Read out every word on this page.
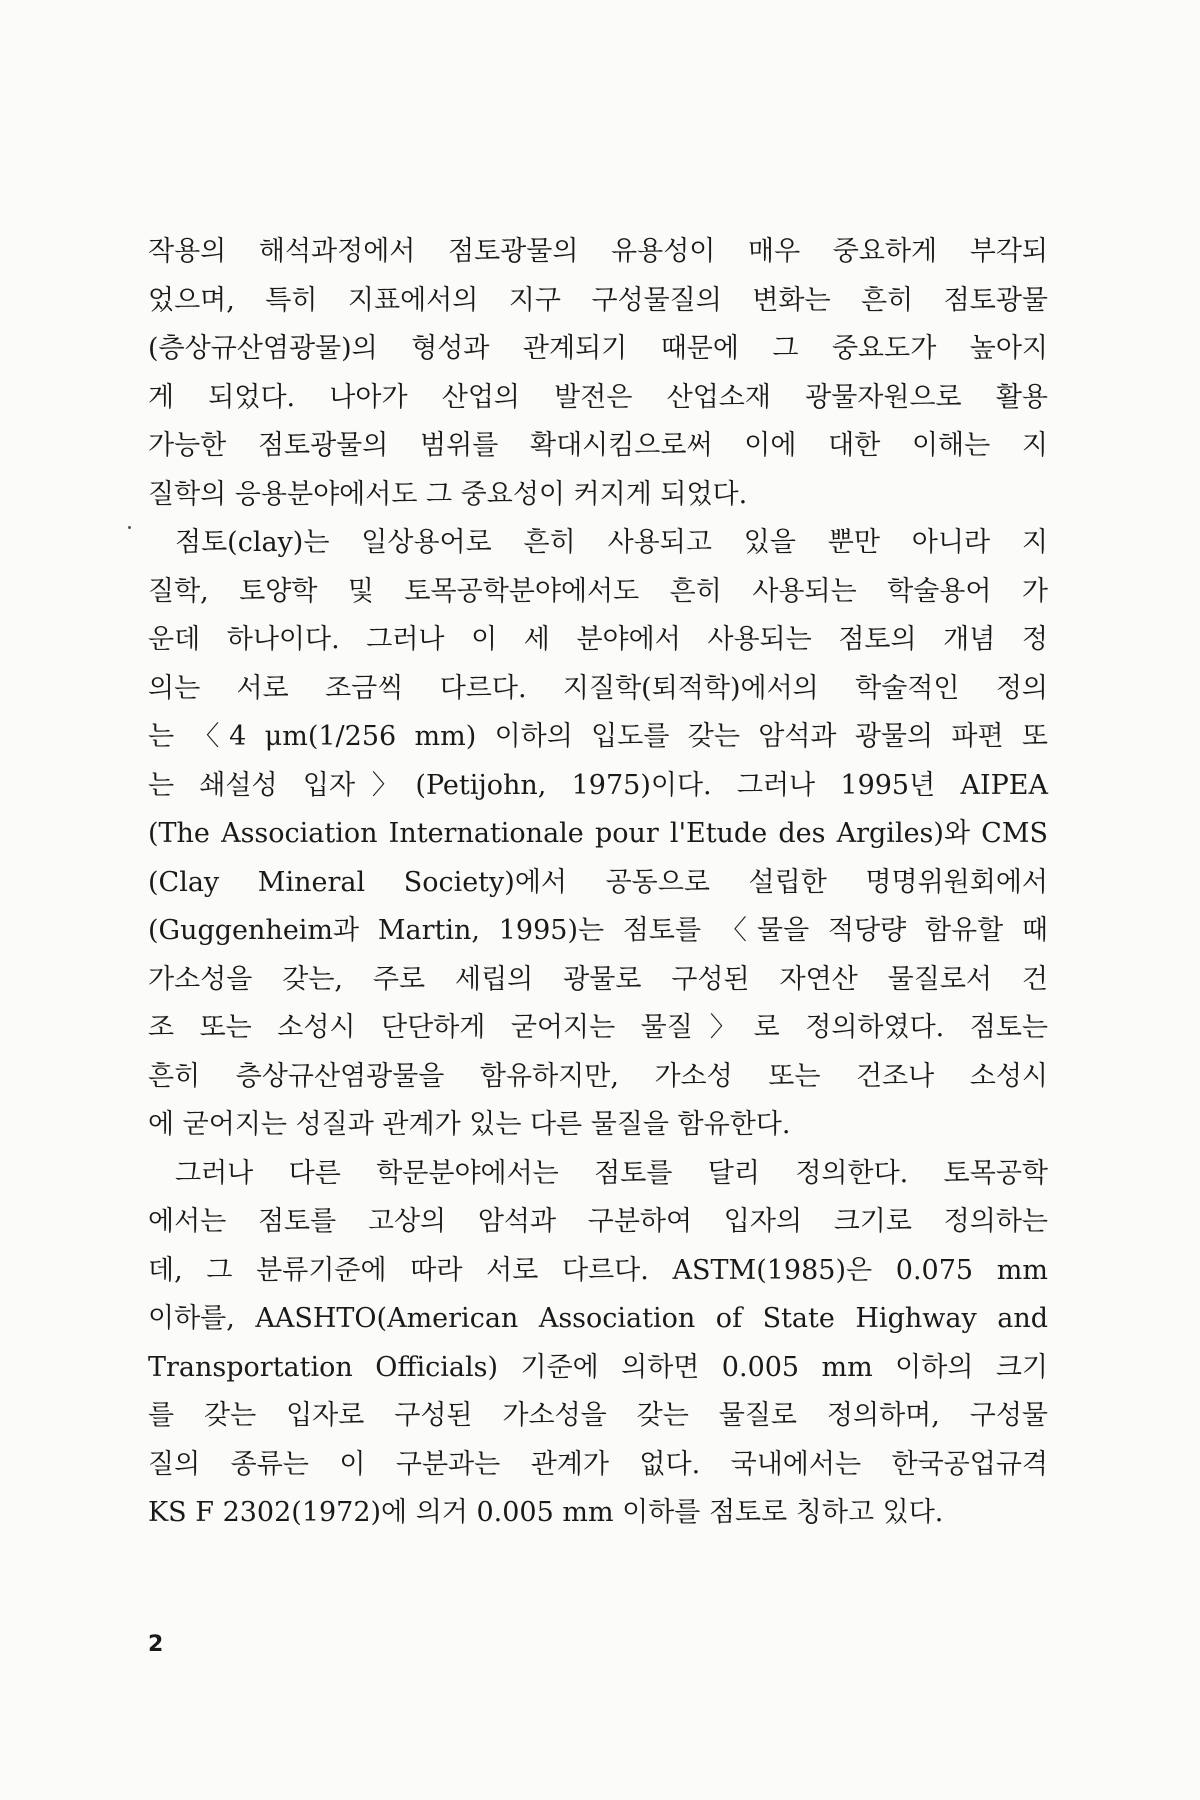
작용의 해석과정에서 점토광물의 유용성이 매우 중요하게 부각되
었으며, 특히 지표에서의 지구 구성물질의 변화는 흔히 점토광물
(층상규산염광물)의 형성과 관계되기 때문에 그 중요도가 높아지
게 되었다. 나아가 산업의 발전은 산업소재 광물자원으로 활용
가능한 점토광물의 범위를 확대시킴으로써 이에 대한 이해는 지
질학의 응용분야에서도 그 중요성이 커지게 되었다.
점토(clay)는 일상용어로 흔히 사용되고 있을 뿐만 아니라 지
질학, 토양학 및 토목공학분야에서도 흔히 사용되는 학술용어 가
운데 하나이다. 그러나 이 세 분야에서 사용되는 점토의 개념 정
의는 서로 조금씩 다르다. 지질학(퇴적학)에서의 학술적인 정의
는 〈4 μm(1/256 mm) 이하의 입도를 갖는 암석과 광물의 파편 또
는 쇄설성 입자〉(Petijohn, 1975)이다. 그러나 1995년 AIPEA
(The Association Internationale pour l'Etude des Argiles)와 CMS
(Clay Mineral Society)에서 공동으로 설립한 명명위원회에서
(Guggenheim과 Martin, 1995)는 점토를 〈물을 적당량 함유할 때
가소성을 갖는, 주로 세립의 광물로 구성된 자연산 물질로서 건
조 또는 소성시 단단하게 굳어지는 물질〉로 정의하였다. 점토는
흔히 층상규산염광물을 함유하지만, 가소성 또는 건조나 소성시
에 굳어지는 성질과 관계가 있는 다른 물질을 함유한다.
그러나 다른 학문분야에서는 점토를 달리 정의한다. 토목공학
에서는 점토를 고상의 암석과 구분하여 입자의 크기로 정의하는
데, 그 분류기준에 따라 서로 다르다. ASTM(1985)은 0.075 mm
이하를, AASHTO(American Association of State Highway and
Transportation Officials) 기준에 의하면 0.005 mm 이하의 크기
를 갖는 입자로 구성된 가소성을 갖는 물질로 정의하며, 구성물
질의 종류는 이 구분과는 관계가 없다. 국내에서는 한국공업규격
KS F 2302(1972)에 의거 0.005 mm 이하를 점토로 칭하고 있다.
2
